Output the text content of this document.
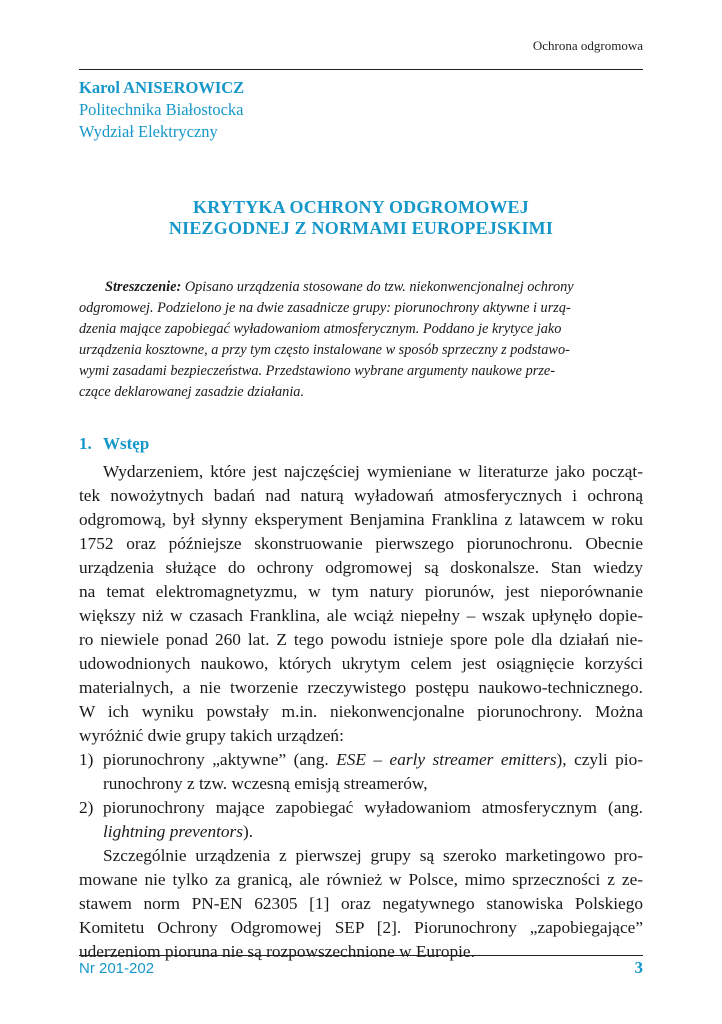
Ochrona odgromowa
Karol ANISEROWICZ
Politechnika Białostocka
Wydział Elektryczny
KRYTYKA OCHRONY ODGROMOWEJ
NIEZGODNEJ Z NORMAMI EUROPEJSKIMI

Streszczenie: Opisano urządzenia stosowane do tzw. niekonwencjonalnej ochrony
odgromowej. Podzielono je na dwie zasadnicze grupy: piorunochrony aktywne i urzą-
dzenia mające zapobiegać wyładowaniom atmosferycznym. Poddano je krytyce jako
urządzenia kosztowne, a przy tym często instalowane w sposób sprzeczny z podstawo-
wymi zasadami bezpieczeństwa. Przedstawiono wybrane argumenty naukowe prze-
czące deklarowanej zasadzie działania.

1. Wstęp

Wydarzeniem, które jest najczęściej wymieniane w literaturze jako począt-

tek nowożytnych badań nad naturą wyładowań atmosferycznych i ochroną

odgromową, był słynny eksperyment Benjamina Franklina z latawcem w roku

1752 oraz późniejsze skonstruowanie pierwszego piorunochronu. Obecnie

urządzenia służące do ochrony odgromowej są doskonalsze. Stan wiedzy

na temat elektromagnetyzmu, w tym natury piorunów, jest nieporównanie

większy niż w czasach Franklina, ale wciąż niepełny – wszak upłynęło dopie-

ro niewiele ponad 260 lat. Z tego powodu istnieje spore pole dla działań nie-

udowodnionych naukowo, których ukrytym celem jest osiągnięcie korzyści

materialnych, a nie tworzenie rzeczywistego postępu naukowo-technicznego.

W ich wyniku powstały m.in. niekonwencjonalne piorunochrony. Można

wyróżnić dwie grupy takich urządzeń:

1) piorunochrony „aktywne” (ang. ESE – early streamer emitters), czyli pio-

runochrony z tzw. wczesną emisją streamerów,

2) piorunochrony mające zapobiegać wyładowaniom atmosferycznym (ang.

lightning preventors).

Szczególnie urządzenia z pierwszej grupy są szeroko marketingowo pro-

mowane nie tylko za granicą, ale również w Polsce, mimo sprzeczności z ze-

stawem norm PN-EN 62305 [1] oraz negatywnego stanowiska Polskiego

Komitetu Ochrony Odgromowej SEP [2]. Piorunochrony „zapobiegające”

uderzeniom pioruna nie są rozpowszechnione w Europie.

Nr 201-202	3
